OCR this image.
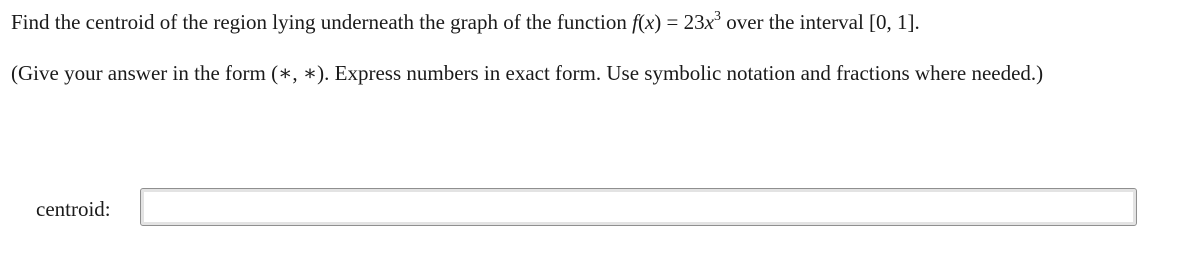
Find the centroid of the region lying underneath the graph of the function $f(x) = 23x^3$ over the interval [0, 1].
(Give your answer in the form (∗, ∗). Express numbers in exact form. Use symbolic notation and fractions where needed.)
centroid:
